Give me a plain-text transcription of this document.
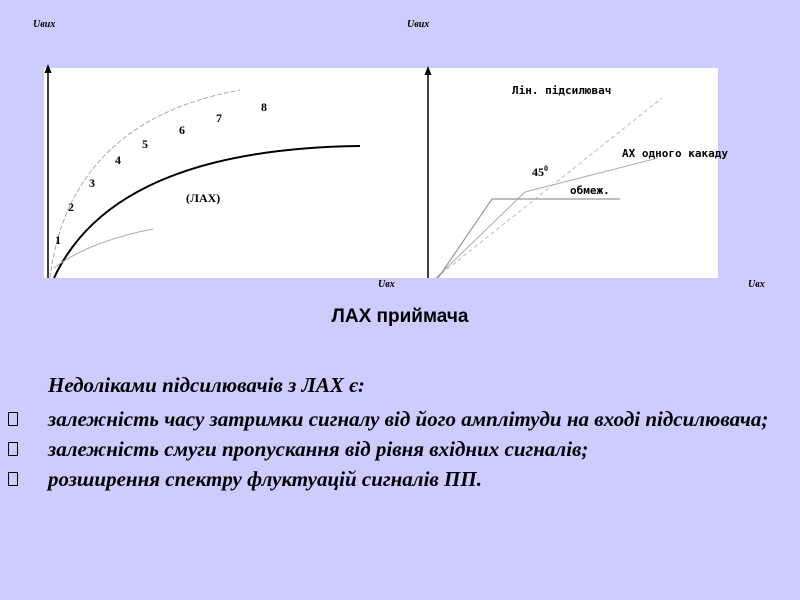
Uвих	Uвих
(ЛАХ)
1
2
3
4
5
6
7
8
Лін. підсилювач
АХ одного какаду
$45^0$
обмеж.
Uвх	Uвх
ЛАХ приймача
Недоліками підсилювачів з ЛАХ є:
залежність часу затримки сигналу від його амплітуди на вході підсилювача;
залежність смуги пропускання від рівня вхідних сигналів;
розширення спектру флуктуацій сигналів ПП.
